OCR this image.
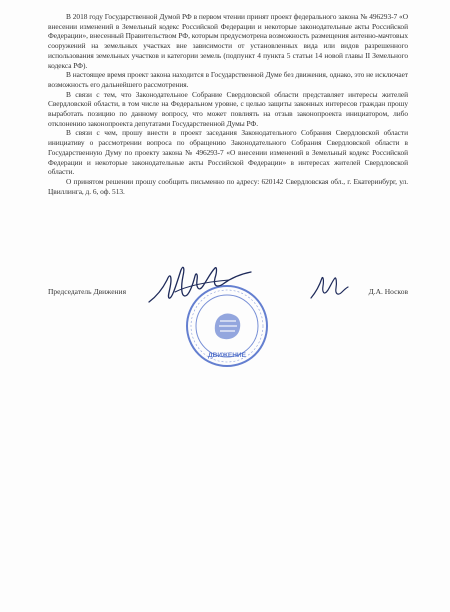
В 2018 году Государственной Думой РФ в первом чтении принят проект федерального закона № 496293-7 «О внесении изменений в Земельный кодекс Российской Федерации и некоторые законодательные акты Российской Федерации», внесенный Правительством РФ, которым предусмотрена возможность размещения антенно-мачтовых сооружений на земельных участках вне зависимости от установленных вида или видов разрешенного использования земельных участков и категории земель (подпункт 4 пункта 5 статьи 14 новой главы II Земельного кодекса РФ).

В настоящее время проект закона находится в Государственной Думе без движения, однако, это не исключает возможность его дальнейшего рассмотрения.

В связи с тем, что Законодательное Собрание Свердловской области представляет интересы жителей Свердловской области, в том числе на Федеральном уровне, с целью защиты законных интересов граждан прошу выработать позицию по данному вопросу, что может повлиять на отзыв законопроекта инициатором, либо отклонению законопроекта депутатами Государственной Думы РФ.

В связи с чем, прошу внести в проект заседания Законодательного Собрания Свердловской области инициативу о рассмотрении вопроса по обращению Законодательного Собрания Свердловской области в Государственную Думу по проекту закона № 496293-7 «О внесении изменений в Земельный кодекс Российской Федерации и некоторые законодательные акты Российской Федерации» в интересах жителей Свердловской области.

О принятом решении прошу сообщить письменно по адресу: 620142 Свердловская обл., г. Екатеринбург, ул. Цвиллинга, д. 6, оф. 513.

Председатель Движения	Д.А. Носков
ДВИЖЕНИЕ
